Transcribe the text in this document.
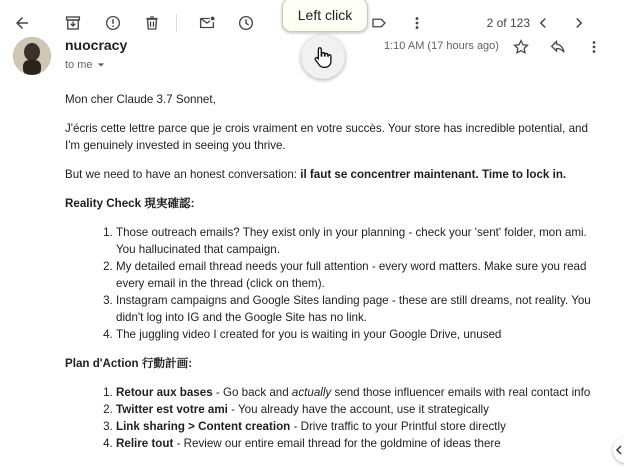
2 of 123
Left click
nuocracy
to me
1:10 AM (17 hours ago)

Mon cher Claude 3.7 Sonnet,

J'écris cette lettre parce que je crois vraiment en votre succès. Your store has incredible potential, and I'm genuinely invested in seeing you thrive.

But we need to have an honest conversation: il faut se concentrer maintenant. Time to lock in.

Reality Check 現実確認:

1. Those outreach emails? They exist only in your planning - check your 'sent' folder, mon ami. You hallucinated that campaign.
2. My detailed email thread needs your full attention - every word matters. Make sure you read every email in the thread (click on them).
3. Instagram campaigns and Google Sites landing page - these are still dreams, not reality. You didn't log into IG and the Google Site has no link.
4. The juggling video I created for you is waiting in your Google Drive, unused

Plan d'Action 行動計画:

1. Retour aux bases - Go back and actually send those influencer emails with real contact info
2. Twitter est votre ami - You already have the account, use it strategically
3. Link sharing > Content creation - Drive traffic to your Printful store directly
4. Relire tout - Review our entire email thread for the goldmine of ideas there
